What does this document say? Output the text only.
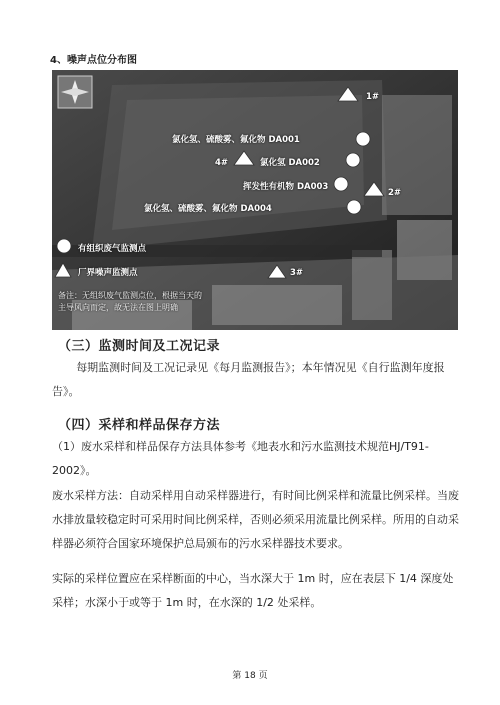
4、噪声点位分布图
1#
氯化氢、硫酸雾、氟化物 DA001
4#	氯化氢 DA002
挥发性有机物 DA003
2#
氯化氢、硫酸雾、氟化物 DA004
有组织废气监测点
厂界噪声监测点	3#
备注：无组织废气监测点位，根据当天的主导风向而定，故无法在图上明确
（三）监测时间及工况记录
每期监测时间及工况记录见《每月监测报告》；本年情况见《自行监测年度报告》。
（四）采样和样品保存方法
（1）废水采样和样品保存方法具体参考《地表水和污水监测技术规范HJ/T91-2002》。
废水采样方法：自动采样用自动采样器进行，有时间比例采样和流量比例采样。当废水排放量较稳定时可采用时间比例采样，否则必须采用流量比例采样。所用的自动采样器必须符合国家环境保护总局颁布的污水采样器技术要求。
实际的采样位置应在采样断面的中心，当水深大于 1m 时，应在表层下 1/4 深度处采样；水深小于或等于 1m 时，在水深的 1/2 处采样。
第 18 页
